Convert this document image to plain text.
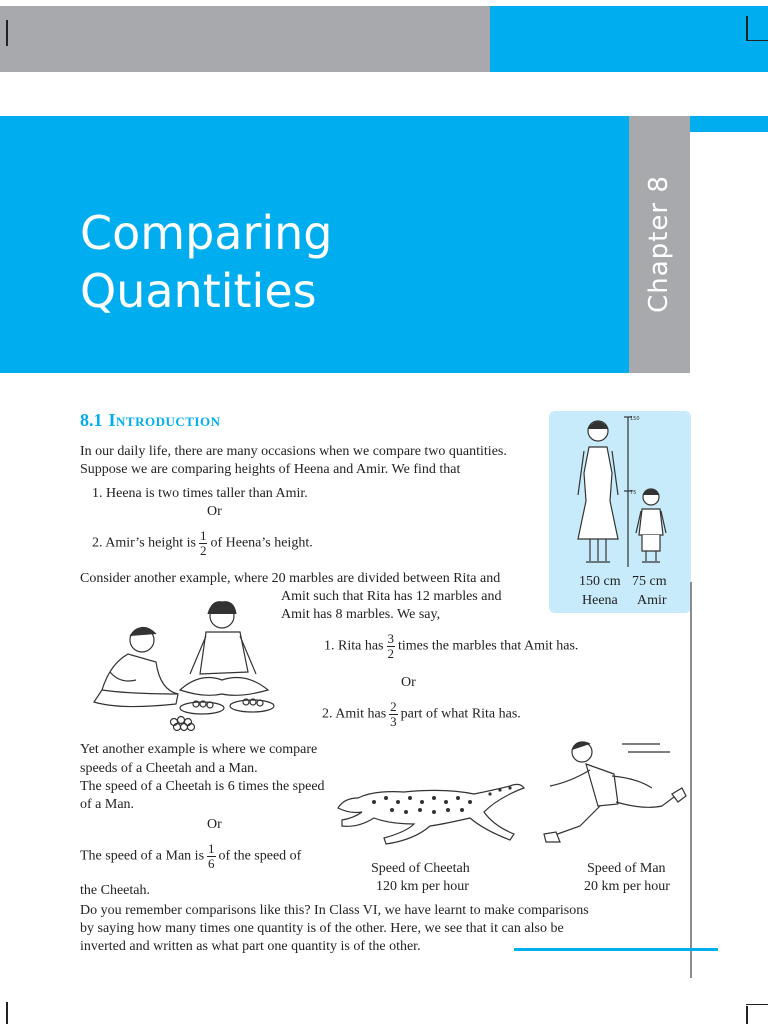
Chapter 8
Comparing
Quantities
8.1 Introduction	150
75
150 cm 75 cm
Heena Amir
In our daily life, there are many occasions when we compare two quantities.
Suppose we are comparing heights of Heena and Amir. We find that
1. Heena is two times taller than Amir.
Or
2. Amir’s height is $\frac{1}{2}$ of Heena’s height.
Consider another example, where 20 marbles are divided between Rita and
Amit such that Rita has 12 marbles and
Amit has 8 marbles. We say,
1. Rita has $\frac{3}{2}$ times the marbles that Amit has.
Or
2. Amit has $\frac{2}{3}$ part of what Rita has.
Yet another example is where we compare
speeds of a Cheetah and a Man.
The speed of a Cheetah is 6 times the speed
of a Man.
Or
The speed of a Man is $\frac{1}{6}$ of the speed of
the Cheetah.
Speed of Cheetah
120 km per hour
Speed of Man
20 km per hour
Do you remember comparisons like this? In Class VI, we have learnt to make comparisons
by saying how many times one quantity is of the other. Here, we see that it can also be
inverted and written as what part one quantity is of the other.
